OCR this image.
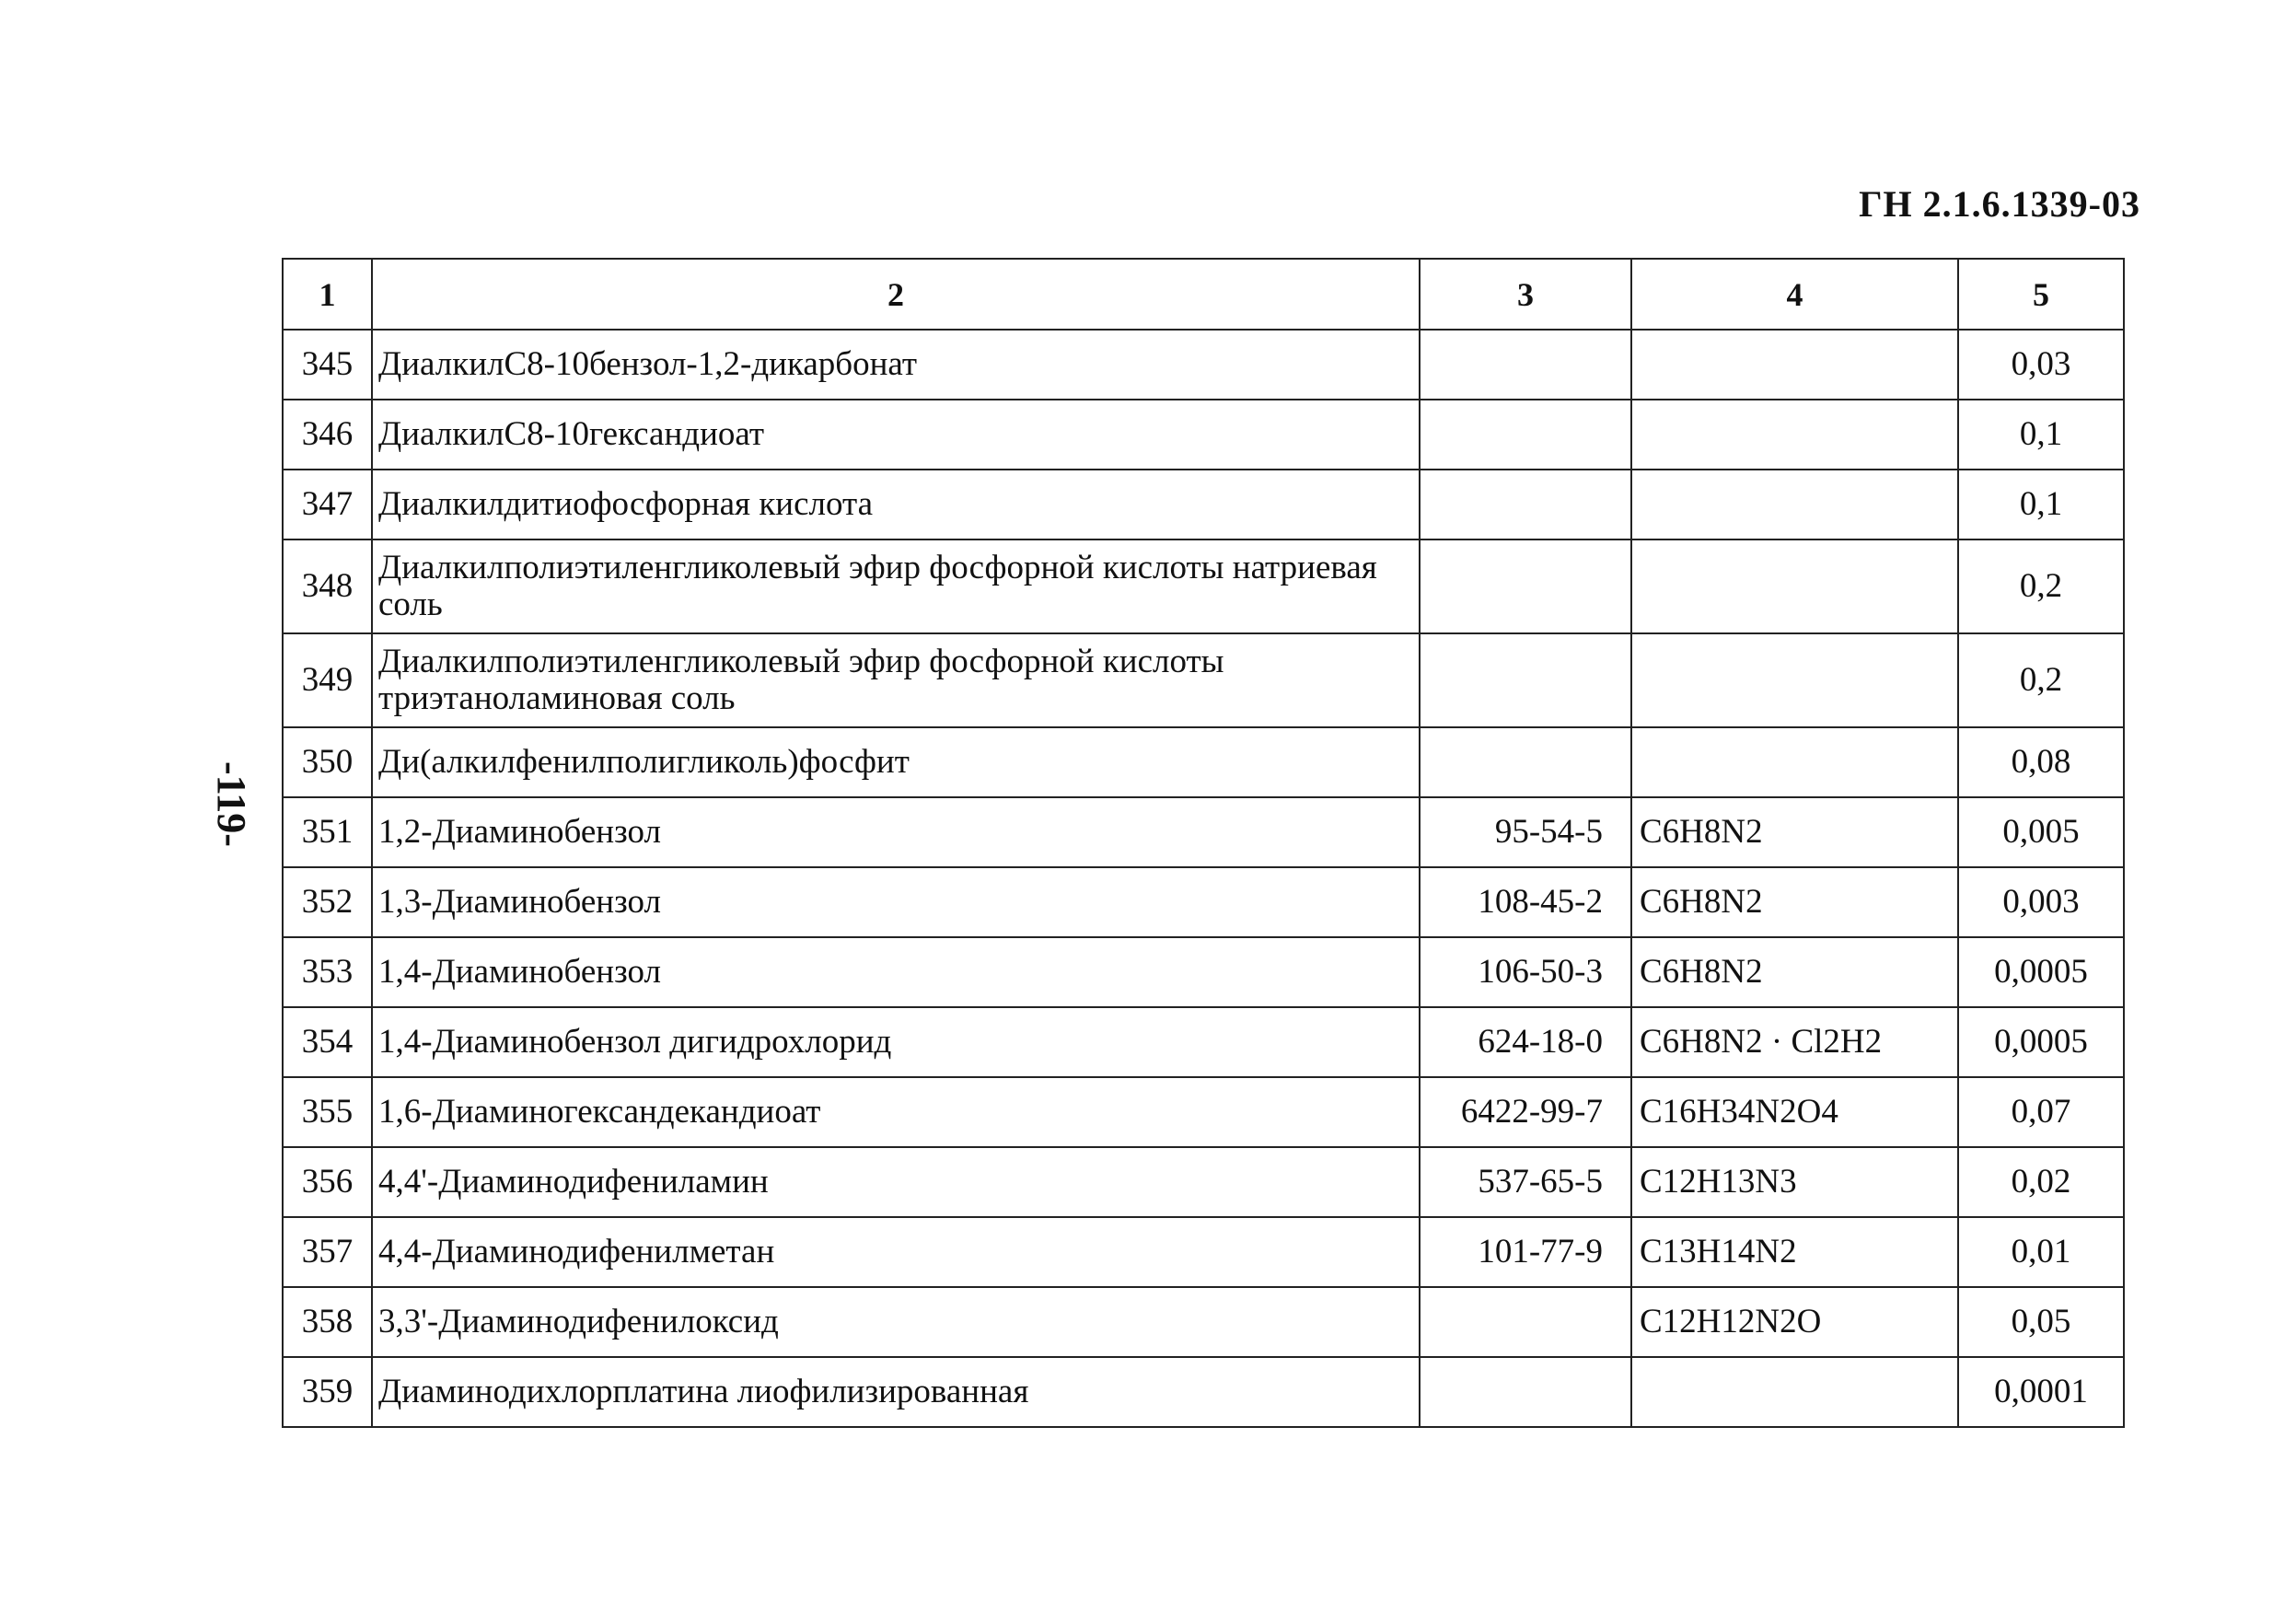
ГН 2.1.6.1339-03
-119-
1	2	3	4	5
345	ДиалкилС8-10бензол-1,2-дикарбонат			0,03
346	ДиалкилС8-10гександиоат			0,1
347	Диалкилдитиофосфорная кислота			0,1
348	Диалкилполиэтиленгликолевый эфир фосфорной кислоты натриевая соль			0,2
349	Диалкилполиэтиленгликолевый эфир фосфорной кислоты триэтаноламиновая соль			0,2
350	Ди(алкилфенилполигликоль)фосфит			0,08
351	1,2-Диаминобензол	95-54-5	C6H8N2	0,005
352	1,3-Диаминобензол	108-45-2	C6H8N2	0,003
353	1,4-Диаминобензол	106-50-3	C6H8N2	0,0005
354	1,4-Диаминобензол дигидрохлорид	624-18-0	C6H8N2 · Cl2H2	0,0005
355	1,6-Диаминогександекандиоат	6422-99-7	C16H34N2O4	0,07
356	4,4'-Диаминодифениламин	537-65-5	C12H13N3	0,02
357	4,4-Диаминодифенилметан	101-77-9	C13H14N2	0,01
358	3,3'-Диаминодифенилоксид		C12H12N2O	0,05
359	Диаминодихлорплатина лиофилизированная			0,0001
